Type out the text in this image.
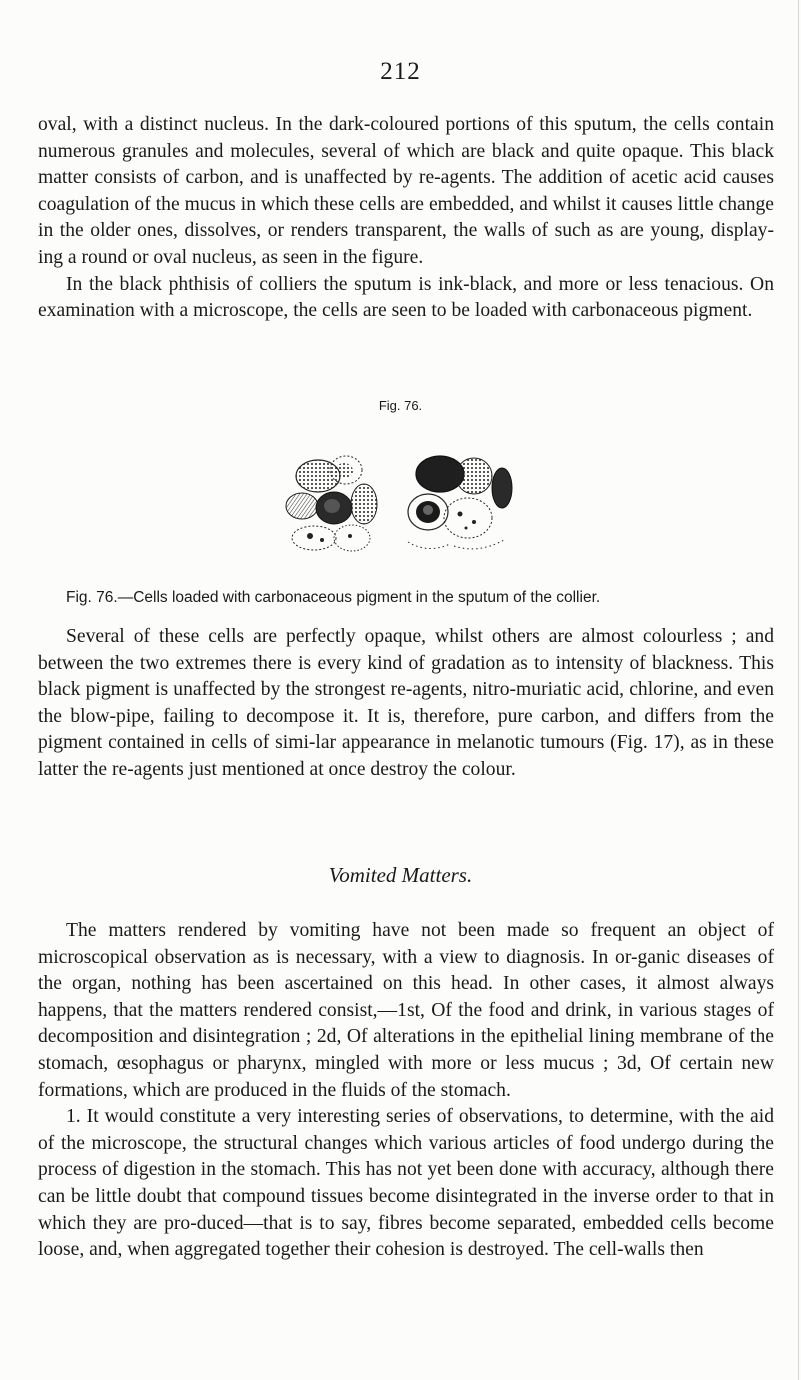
212

oval, with a distinct nucleus. In the dark-coloured portions of this sputum, the cells contain numerous granules and molecules, several of which are black and quite opaque. This black matter consists of carbon, and is unaffected by re-agents. The addition of acetic acid causes coagulation of the mucus in which these cells are embedded, and whilst it causes little change in the older ones, dissolves, or renders transparent, the walls of such as are young, display-ing a round or oval nucleus, as seen in the figure.

In the black phthisis of colliers the sputum is ink-black, and more or less tenacious. On examination with a microscope, the cells are seen to be loaded with carbonaceous pigment.

Fig. 76.
Fig. 76.—Cells loaded with carbonaceous pigment in the sputum of the collier.

Several of these cells are perfectly opaque, whilst others are almost colourless ; and between the two extremes there is every kind of gradation as to intensity of blackness. This black pigment is unaffected by the strongest re-agents, nitro-muriatic acid, chlorine, and even the blow-pipe, failing to decompose it. It is, therefore, pure carbon, and differs from the pigment contained in cells of simi-lar appearance in melanotic tumours (Fig. 17), as in these latter the re-agents just mentioned at once destroy the colour.

Vomited Matters.

The matters rendered by vomiting have not been made so frequent an object of microscopical observation as is necessary, with a view to diagnosis. In or-ganic diseases of the organ, nothing has been ascertained on this head. In other cases, it almost always happens, that the matters rendered consist,—1st, Of the food and drink, in various stages of decomposition and disintegration ; 2d, Of alterations in the epithelial lining membrane of the stomach, œsophagus or pharynx, mingled with more or less mucus ; 3d, Of certain new formations, which are produced in the fluids of the stomach.

1. It would constitute a very interesting series of observations, to determine, with the aid of the microscope, the structural changes which various articles of food undergo during the process of digestion in the stomach. This has not yet been done with accuracy, although there can be little doubt that compound tissues become disintegrated in the inverse order to that in which they are pro-duced—that is to say, fibres become separated, embedded cells become loose, and, when aggregated together their cohesion is destroyed. The cell-walls then
